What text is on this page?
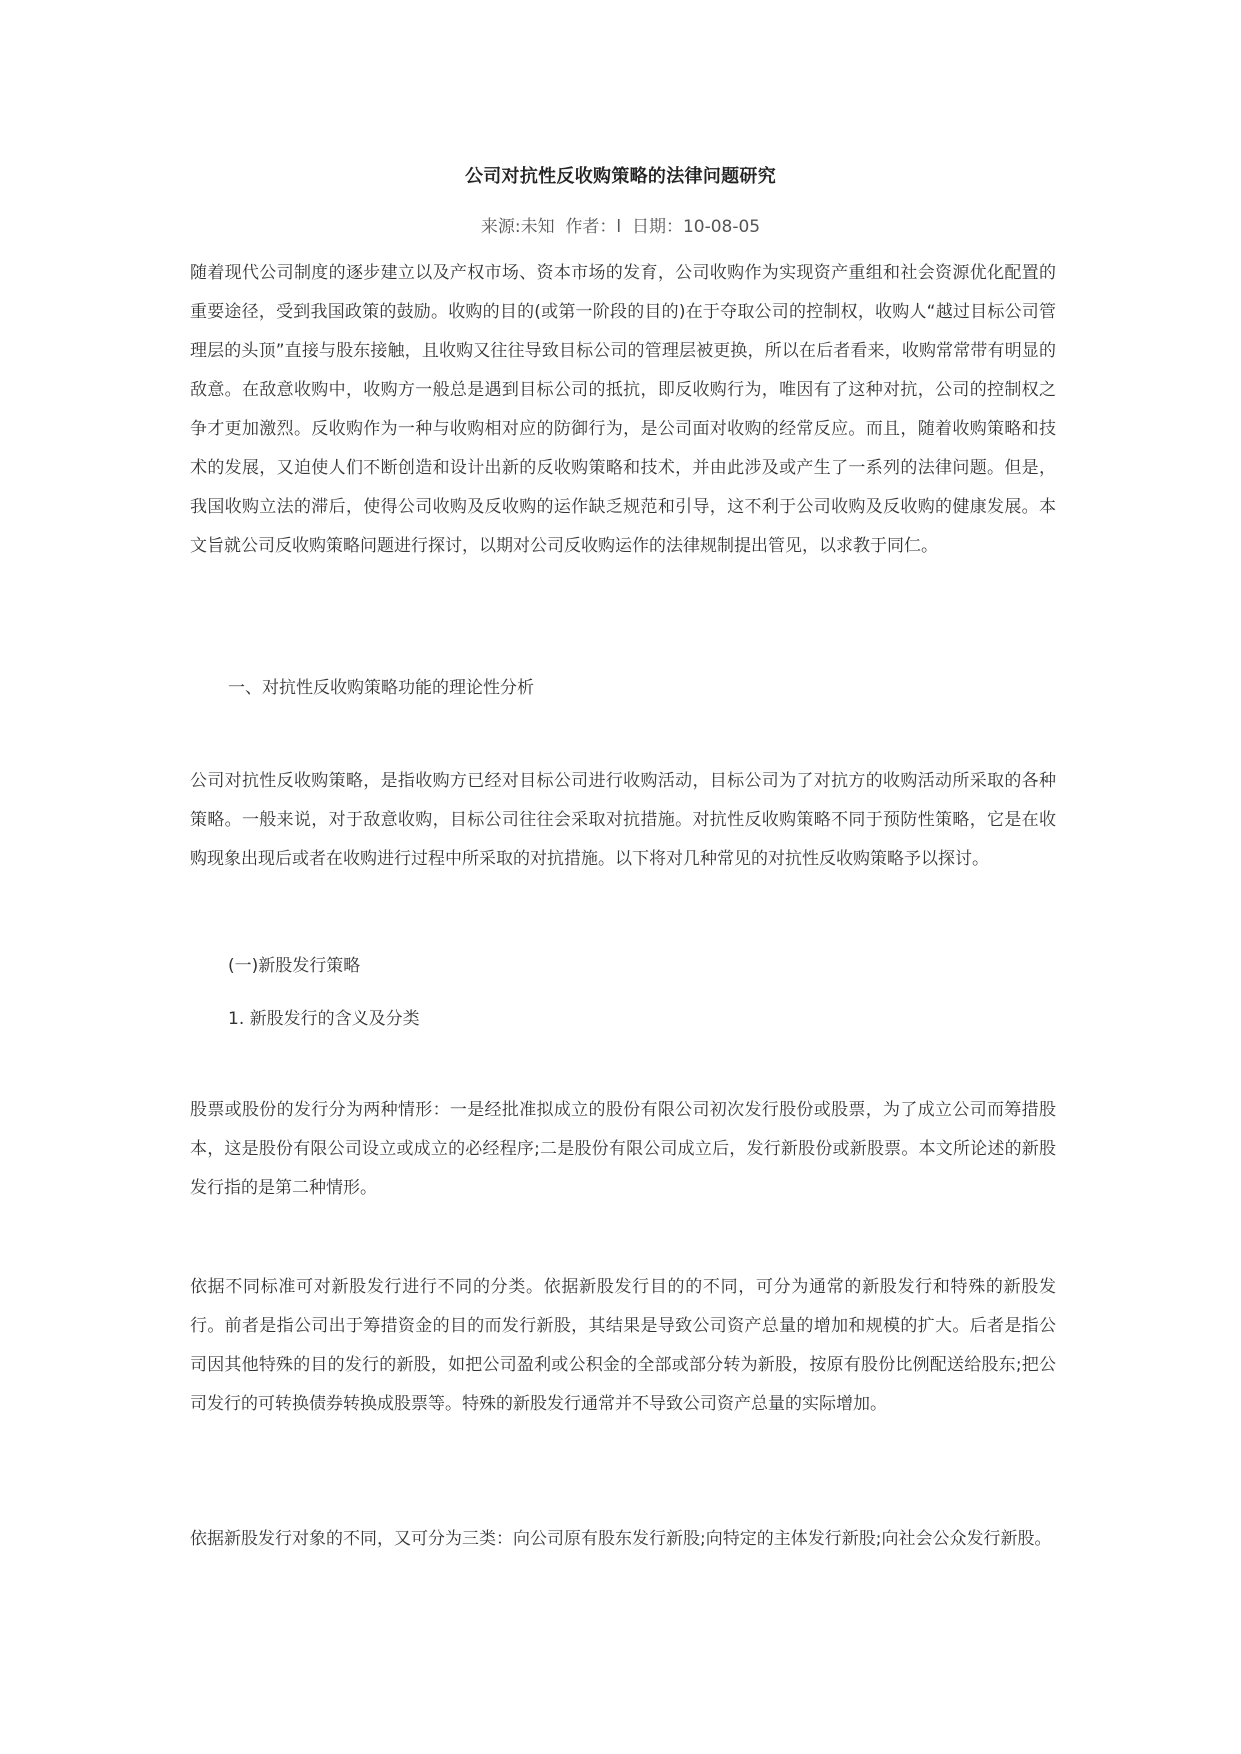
公司对抗性反收购策略的法律问题研究
来源:未知 作者：l 日期：10-08-05
随着现代公司制度的逐步建立以及产权市场、资本市场的发育，公司收购作为实现资产重组和社会资源优化配置的重要途径，受到我国政策的鼓励。收购的目的(或第一阶段的目的)在于夺取公司的控制权，收购人“越过目标公司管理层的头顶”直接与股东接触，且收购又往往导致目标公司的管理层被更换，所以在后者看来，收购常常带有明显的敌意。在敌意收购中，收购方一般总是遇到目标公司的抵抗，即反收购行为，唯因有了这种对抗，公司的控制权之争才更加激烈。反收购作为一种与收购相对应的防御行为，是公司面对收购的经常反应。而且，随着收购策略和技术的发展，又迫使人们不断创造和设计出新的反收购策略和技术，并由此涉及或产生了一系列的法律问题。但是，我国收购立法的滞后，使得公司收购及反收购的运作缺乏规范和引导，这不利于公司收购及反收购的健康发展。本文旨就公司反收购策略问题进行探讨，以期对公司反收购运作的法律规制提出管见，以求教于同仁。
一、对抗性反收购策略功能的理论性分析
公司对抗性反收购策略，是指收购方已经对目标公司进行收购活动，目标公司为了对抗方的收购活动所采取的各种策略。一般来说，对于敌意收购，目标公司往往会采取对抗措施。对抗性反收购策略不同于预防性策略，它是在收购现象出现后或者在收购进行过程中所采取的对抗措施。以下将对几种常见的对抗性反收购策略予以探讨。
(一)新股发行策略
1. 新股发行的含义及分类
股票或股份的发行分为两种情形：一是经批准拟成立的股份有限公司初次发行股份或股票，为了成立公司而筹措股本，这是股份有限公司设立或成立的必经程序;二是股份有限公司成立后，发行新股份或新股票。本文所论述的新股发行指的是第二种情形。
依据不同标准可对新股发行进行不同的分类。依据新股发行目的的不同，可分为通常的新股发行和特殊的新股发行。前者是指公司出于筹措资金的目的而发行新股，其结果是导致公司资产总量的增加和规模的扩大。后者是指公司因其他特殊的目的发行的新股，如把公司盈利或公积金的全部或部分转为新股，按原有股份比例配送给股东;把公司发行的可转换债券转换成股票等。特殊的新股发行通常并不导致公司资产总量的实际增加。
依据新股发行对象的不同，又可分为三类：向公司原有股东发行新股;向特定的主体发行新股;向社会公众发行新股。
